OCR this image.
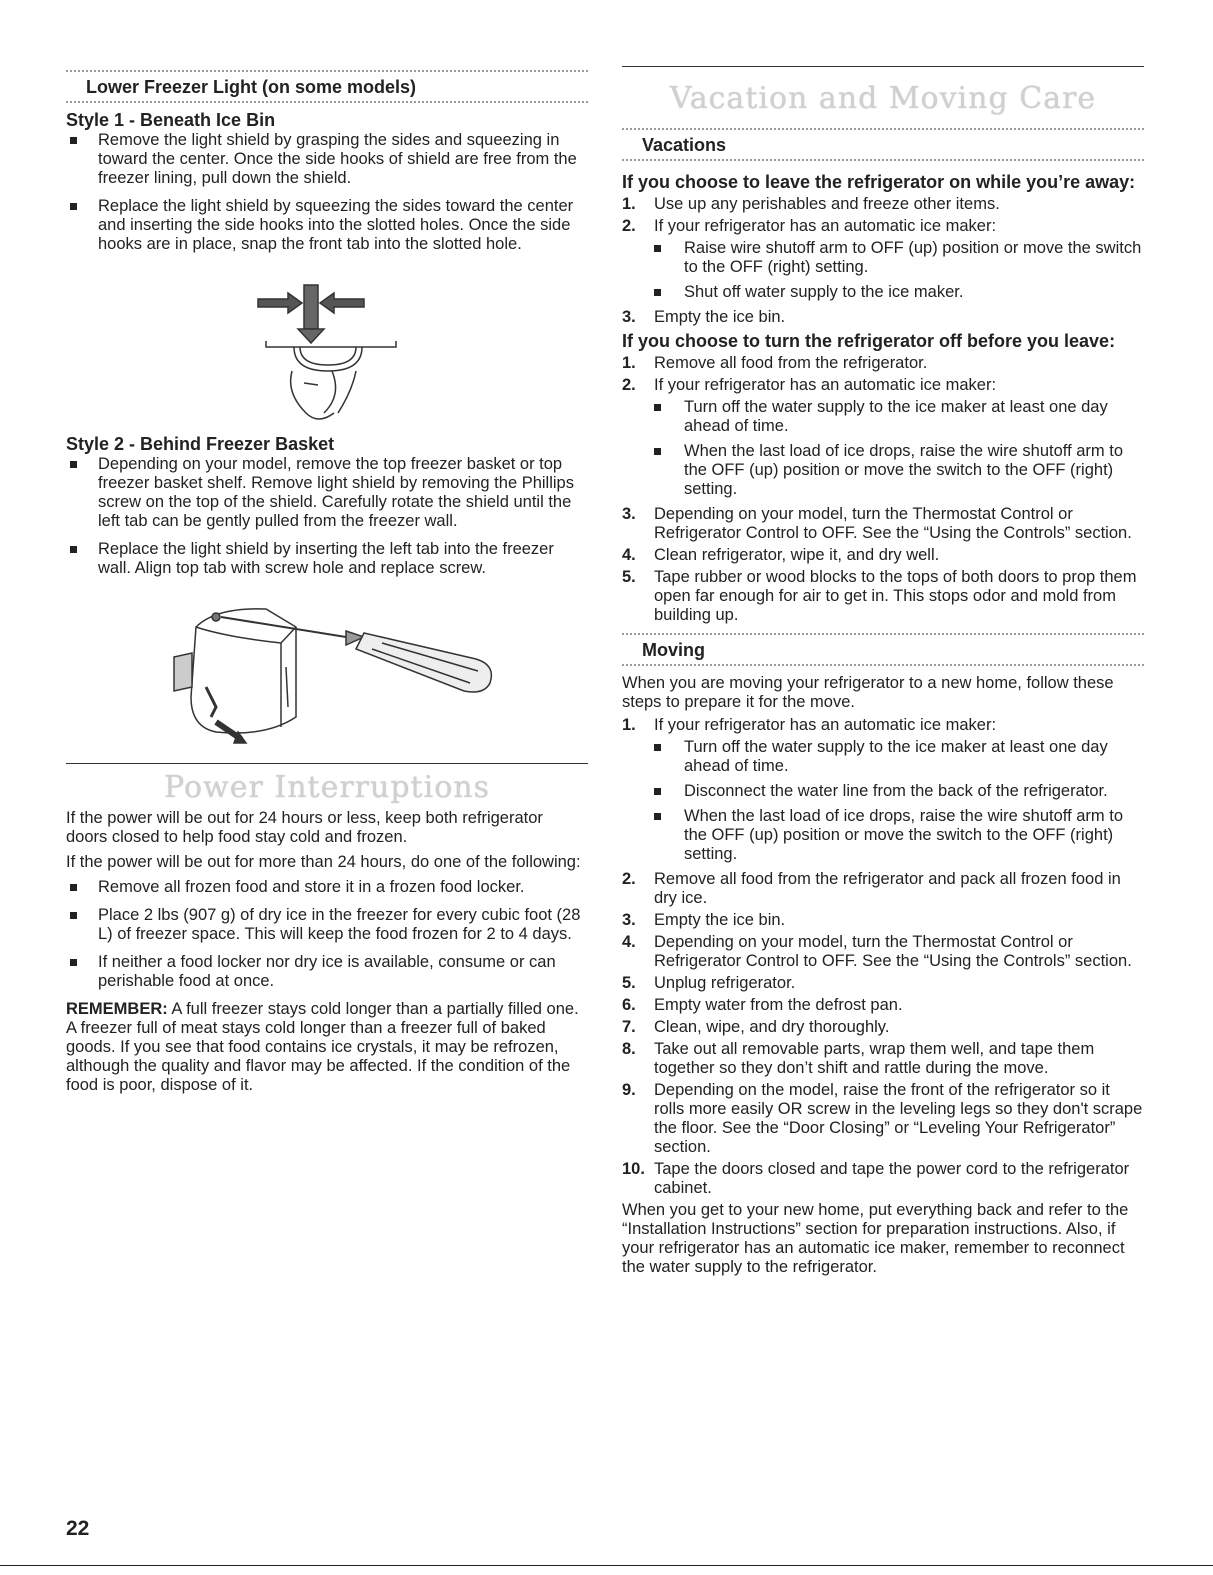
Lower Freezer Light (on some models)

Style 1 - Beneath Ice Bin

Remove the light shield by grasping the sides and squeezing in toward the center. Once the side hooks of shield are free from the freezer lining, pull down the shield.
Replace the light shield by squeezing the sides toward the center and inserting the side hooks into the slotted holes. Once the side hooks are in place, snap the front tab into the slotted hole.

Style 2 - Behind Freezer Basket

Depending on your model, remove the top freezer basket or top freezer basket shelf. Remove light shield by removing the Phillips screw on the top of the shield. Carefully rotate the shield until the left tab can be gently pulled from the freezer wall.
Replace the light shield by inserting the left tab into the freezer wall. Align top tab with screw hole and replace screw.

Power Interruptions

If the power will be out for 24 hours or less, keep both refrigerator doors closed to help food stay cold and frozen.

If the power will be out for more than 24 hours, do one of the following:

Remove all frozen food and store it in a frozen food locker.
Place 2 lbs (907 g) of dry ice in the freezer for every cubic foot (28 L) of freezer space. This will keep the food frozen for 2 to 4 days.
If neither a food locker nor dry ice is available, consume or can perishable food at once.

REMEMBER: A full freezer stays cold longer than a partially filled one. A freezer full of meat stays cold longer than a freezer full of baked goods. If you see that food contains ice crystals, it may be refrozen, although the quality and flavor may be affected. If the condition of the food is poor, dispose of it.

Vacation and Moving Care

Vacations

If you choose to leave the refrigerator on while you’re away:

1. Use up any perishables and freeze other items.
2. If your refrigerator has an automatic ice maker:
Raise wire shutoff arm to OFF (up) position or move the switch to the OFF (right) setting.
Shut off water supply to the ice maker.
3. Empty the ice bin.

If you choose to turn the refrigerator off before you leave:

1. Remove all food from the refrigerator.
2. If your refrigerator has an automatic ice maker:
Turn off the water supply to the ice maker at least one day ahead of time.
When the last load of ice drops, raise the wire shutoff arm to the OFF (up) position or move the switch to the OFF (right) setting.
3. Depending on your model, turn the Thermostat Control or Refrigerator Control to OFF. See the “Using the Controls” section.
4. Clean refrigerator, wipe it, and dry well.
5. Tape rubber or wood blocks to the tops of both doors to prop them open far enough for air to get in. This stops odor and mold from building up.
Moving

When you are moving your refrigerator to a new home, follow these steps to prepare it for the move.

1. If your refrigerator has an automatic ice maker:
Turn off the water supply to the ice maker at least one day ahead of time.
Disconnect the water line from the back of the refrigerator.
When the last load of ice drops, raise the wire shutoff arm to the OFF (up) position or move the switch to the OFF (right) setting.
2. Remove all food from the refrigerator and pack all frozen food in dry ice.
3. Empty the ice bin.
4. Depending on your model, turn the Thermostat Control or Refrigerator Control to OFF. See the “Using the Controls” section.
5. Unplug refrigerator.
6. Empty water from the defrost pan.
7. Clean, wipe, and dry thoroughly.
8. Take out all removable parts, wrap them well, and tape them together so they don’t shift and rattle during the move.
9. Depending on the model, raise the front of the refrigerator so it rolls more easily OR screw in the leveling legs so they don't scrape the floor. See the “Door Closing” or “Leveling Your Refrigerator” section.
10. Tape the doors closed and tape the power cord to the refrigerator cabinet.

When you get to your new home, put everything back and refer to the “Installation Instructions” section for preparation instructions. Also, if your refrigerator has an automatic ice maker, remember to reconnect the water supply to the refrigerator.

22
